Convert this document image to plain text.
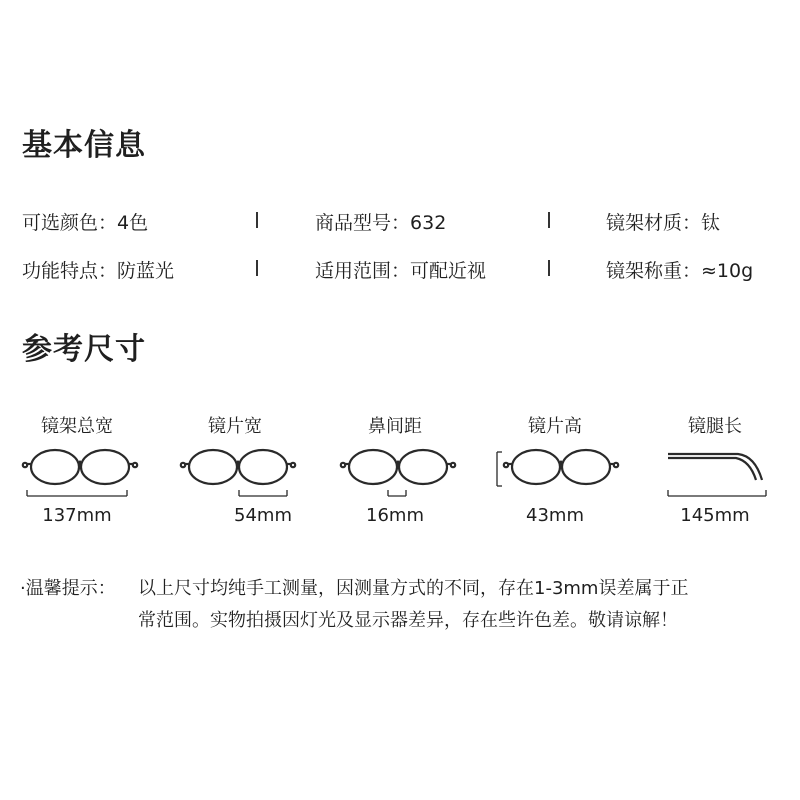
基本信息
可选颜色：4色	商品型号：632	镜架材质：钛
功能特点：防蓝光	适用范围：可配近视	镜架称重：≈10g
参考尺寸
镜架总宽
137mm
镜片宽
54mm
鼻间距
16mm
镜片高
43mm
镜腿长
145mm
·温馨提示： 以上尺寸均纯手工测量，因测量方式的不同，存在1-3mm误差属于正
常范围。实物拍摄因灯光及显示器差异，存在些许色差。敬请谅解！
